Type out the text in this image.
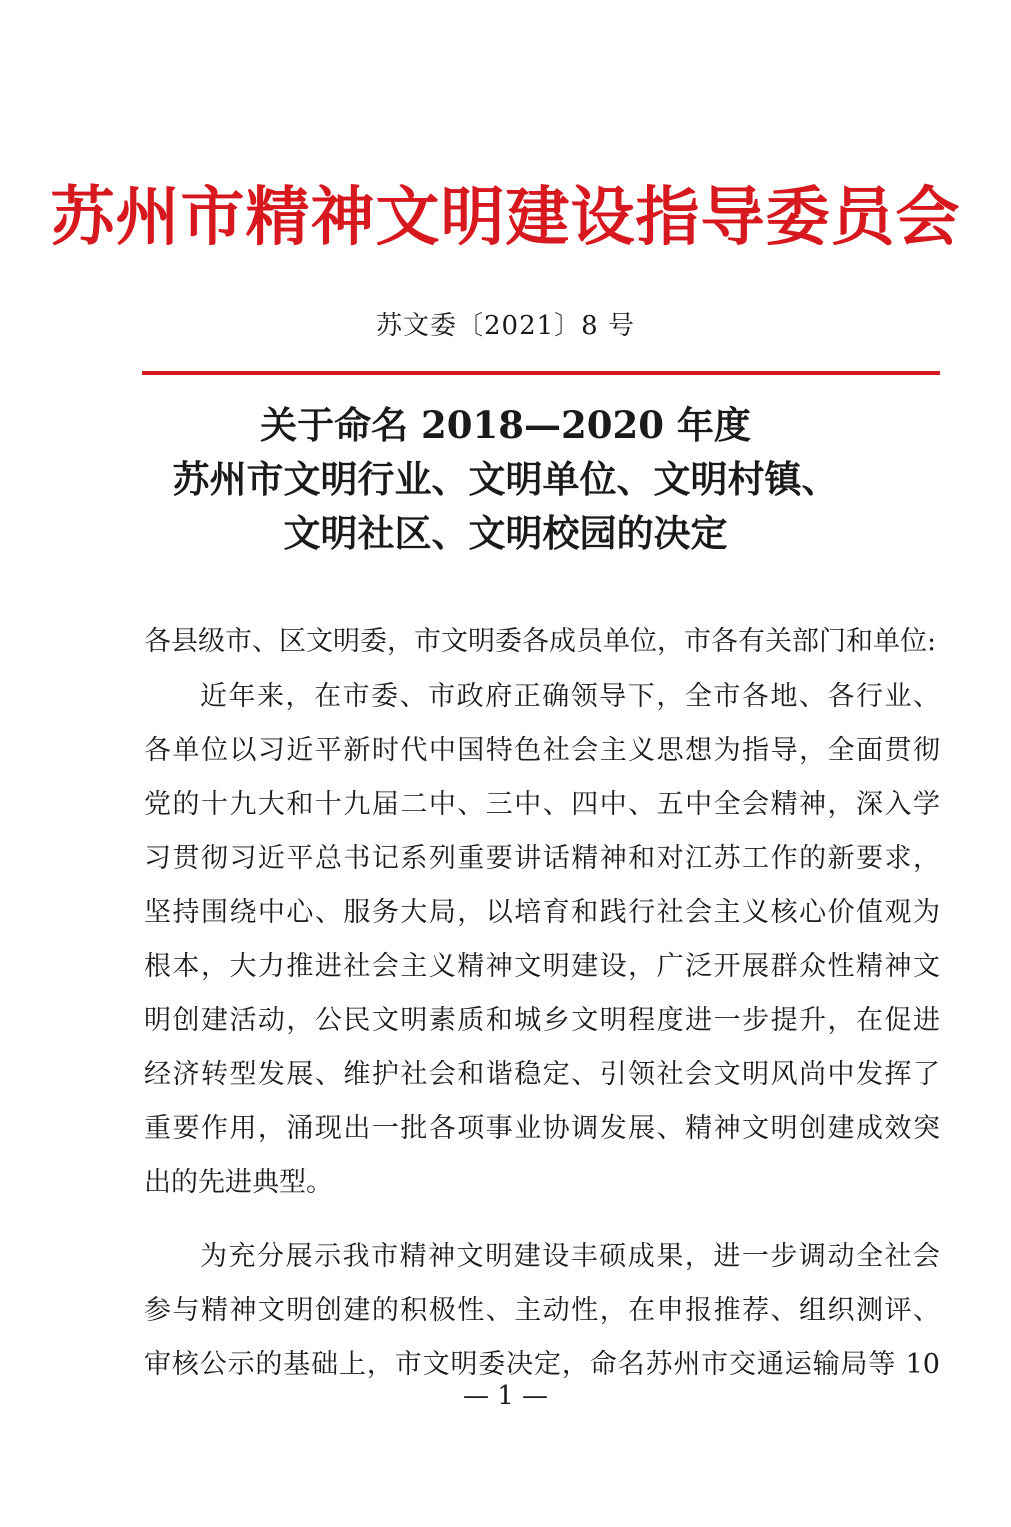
苏州市精神文明建设指导委员会
苏文委〔2021〕8 号
关于命名 2018—2020 年度
苏州市文明行业、文明单位、文明村镇、
文明社区、文明校园的决定
各县级市、区文明委，市文明委各成员单位，市各有关部门和单位:
近年来，在市委、市政府正确领导下，全市各地、各行业、
各单位以习近平新时代中国特色社会主义思想为指导，全面贯彻
党的十九大和十九届二中、三中、四中、五中全会精神，深入学
习贯彻习近平总书记系列重要讲话精神和对江苏工作的新要求，
坚持围绕中心、服务大局，以培育和践行社会主义核心价值观为
根本，大力推进社会主义精神文明建设，广泛开展群众性精神文
明创建活动，公民文明素质和城乡文明程度进一步提升，在促进
经济转型发展、维护社会和谐稳定、引领社会文明风尚中发挥了
重要作用，涌现出一批各项事业协调发展、精神文明创建成效突
出的先进典型。
为充分展示我市精神文明建设丰硕成果，进一步调动全社会
参与精神文明创建的积极性、主动性，在申报推荐、组织测评、
审核公示的基础上，市文明委决定，命名苏州市交通运输局等 10
— 1 —
